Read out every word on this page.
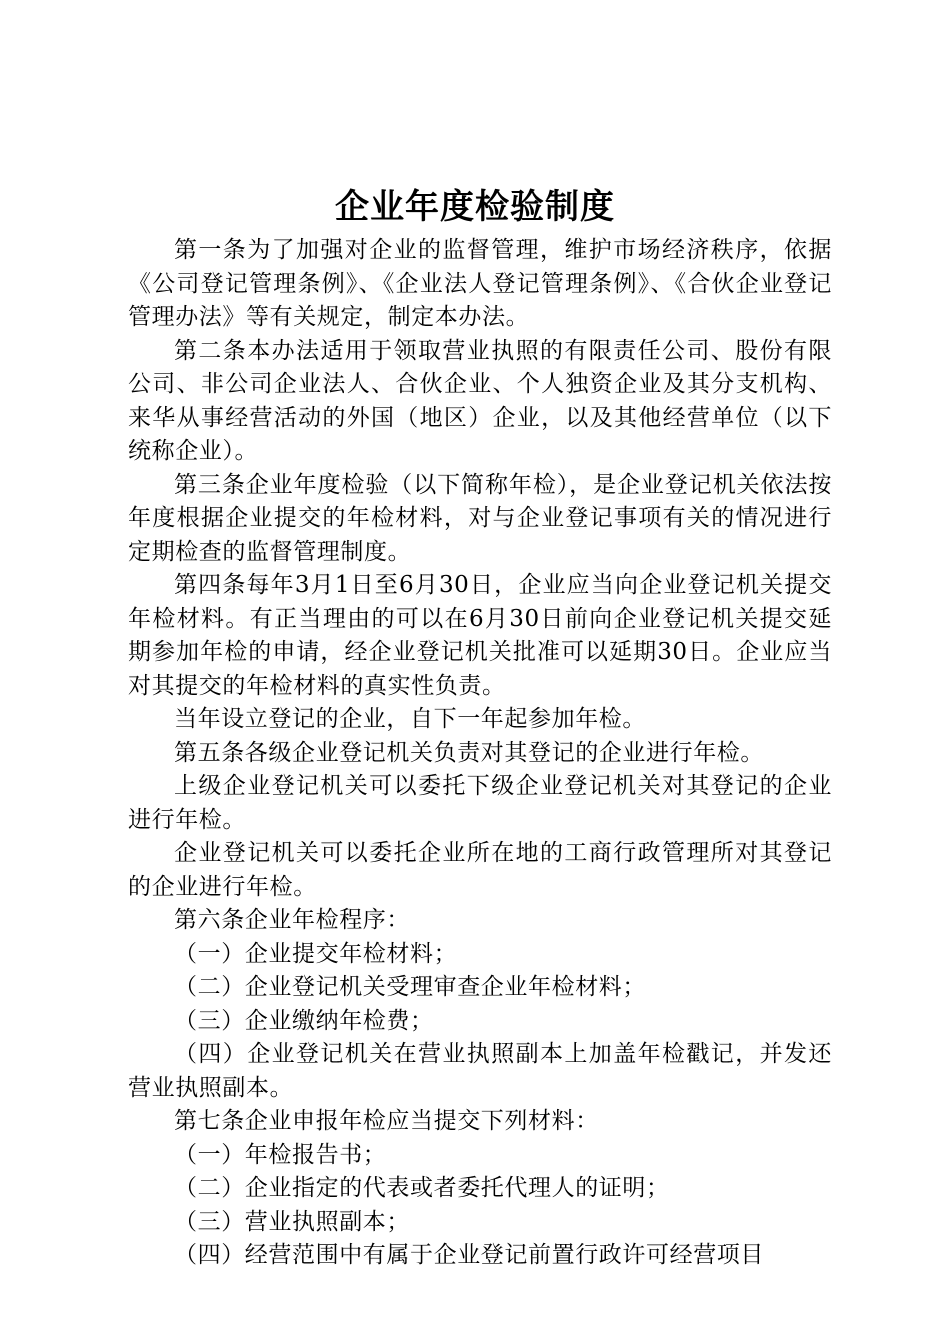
企业年度检验制度

第一条为了加强对企业的监督管理，维护市场经济秩序，依据《公司登记管理条例》、《企业法人登记管理条例》、《合伙企业登记管理办法》等有关规定，制定本办法。

第二条本办法适用于领取营业执照的有限责任公司、股份有限公司、非公司企业法人、合伙企业、个人独资企业及其分支机构、来华从事经营活动的外国（地区）企业，以及其他经营单位（以下统称企业）。

第三条企业年度检验（以下简称年检），是企业登记机关依法按年度根据企业提交的年检材料，对与企业登记事项有关的情况进行定期检查的监督管理制度。

第四条每年3月1日至6月30日，企业应当向企业登记机关提交年检材料。有正当理由的可以在6月30日前向企业登记机关提交延期参加年检的申请，经企业登记机关批准可以延期30日。企业应当对其提交的年检材料的真实性负责。

当年设立登记的企业，自下一年起参加年检。

第五条各级企业登记机关负责对其登记的企业进行年检。

上级企业登记机关可以委托下级企业登记机关对其登记的企业进行年检。

企业登记机关可以委托企业所在地的工商行政管理所对其登记的企业进行年检。

第六条企业年检程序：

（一）企业提交年检材料；

（二）企业登记机关受理审查企业年检材料；

（三）企业缴纳年检费；

（四）企业登记机关在营业执照副本上加盖年检戳记，并发还营业执照副本。

第七条企业申报年检应当提交下列材料：

（一）年检报告书；

（二）企业指定的代表或者委托代理人的证明；

（三）营业执照副本；

（四）经营范围中有属于企业登记前置行政许可经营项目
